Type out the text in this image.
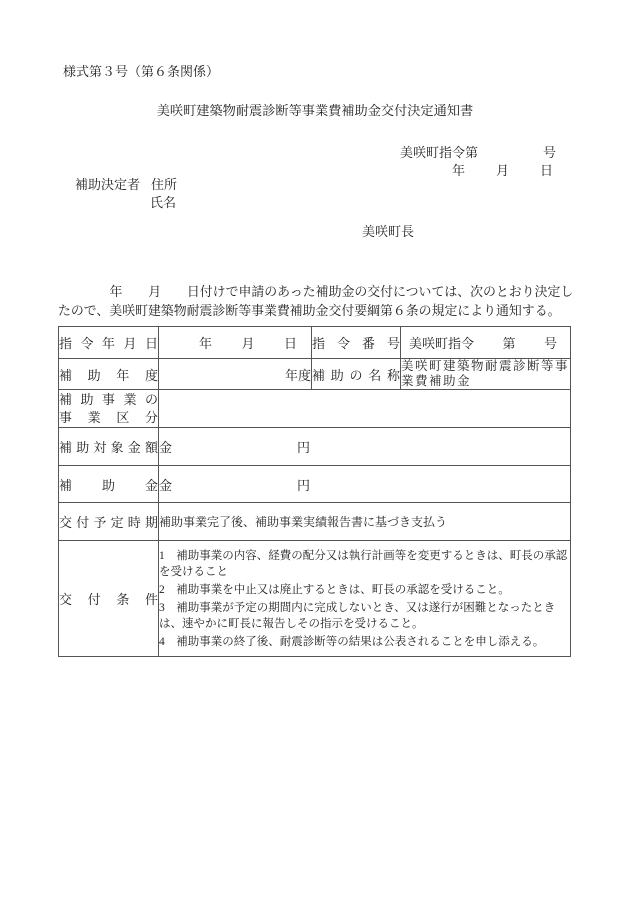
様式第３号（第６条関係）
美咲町建築物耐震診断等事業費補助金交付決定通知書
美咲町指令第	号
年 月 日
補助決定者 住所
氏名
美咲町長
　　　　年　　月　　日付けで申請のあった補助金の交付については、次のとおり決定し
たので、美咲町建築物耐震診断等事業費補助金交付要綱第６条の規定により通知する。
指令年月日	年 月 日	指令番号	美咲町指令 第 号

補助年度	年度	補助の名称	美咲町建築物耐震診断等事業費補助金

補助事業の
事業区分			

補助対象金額	金 円		
補助金	金 円		
交付予定時期	補助事業完了後、補助事業実績報告書に基づき支払う		
交付条件	1　補助事業の内容、経費の配分又は執行計画等を変更するときは、町長の承認を受けること
2　補助事業を中止又は廃止するときは、町長の承認を受けること。
3　補助事業が予定の期間内に完成しないとき、又は遂行が困難となったときは、速やかに町長に報告しその指示を受けること。
4　補助事業の終了後、耐震診断等の結果は公表されることを申し添える。		
